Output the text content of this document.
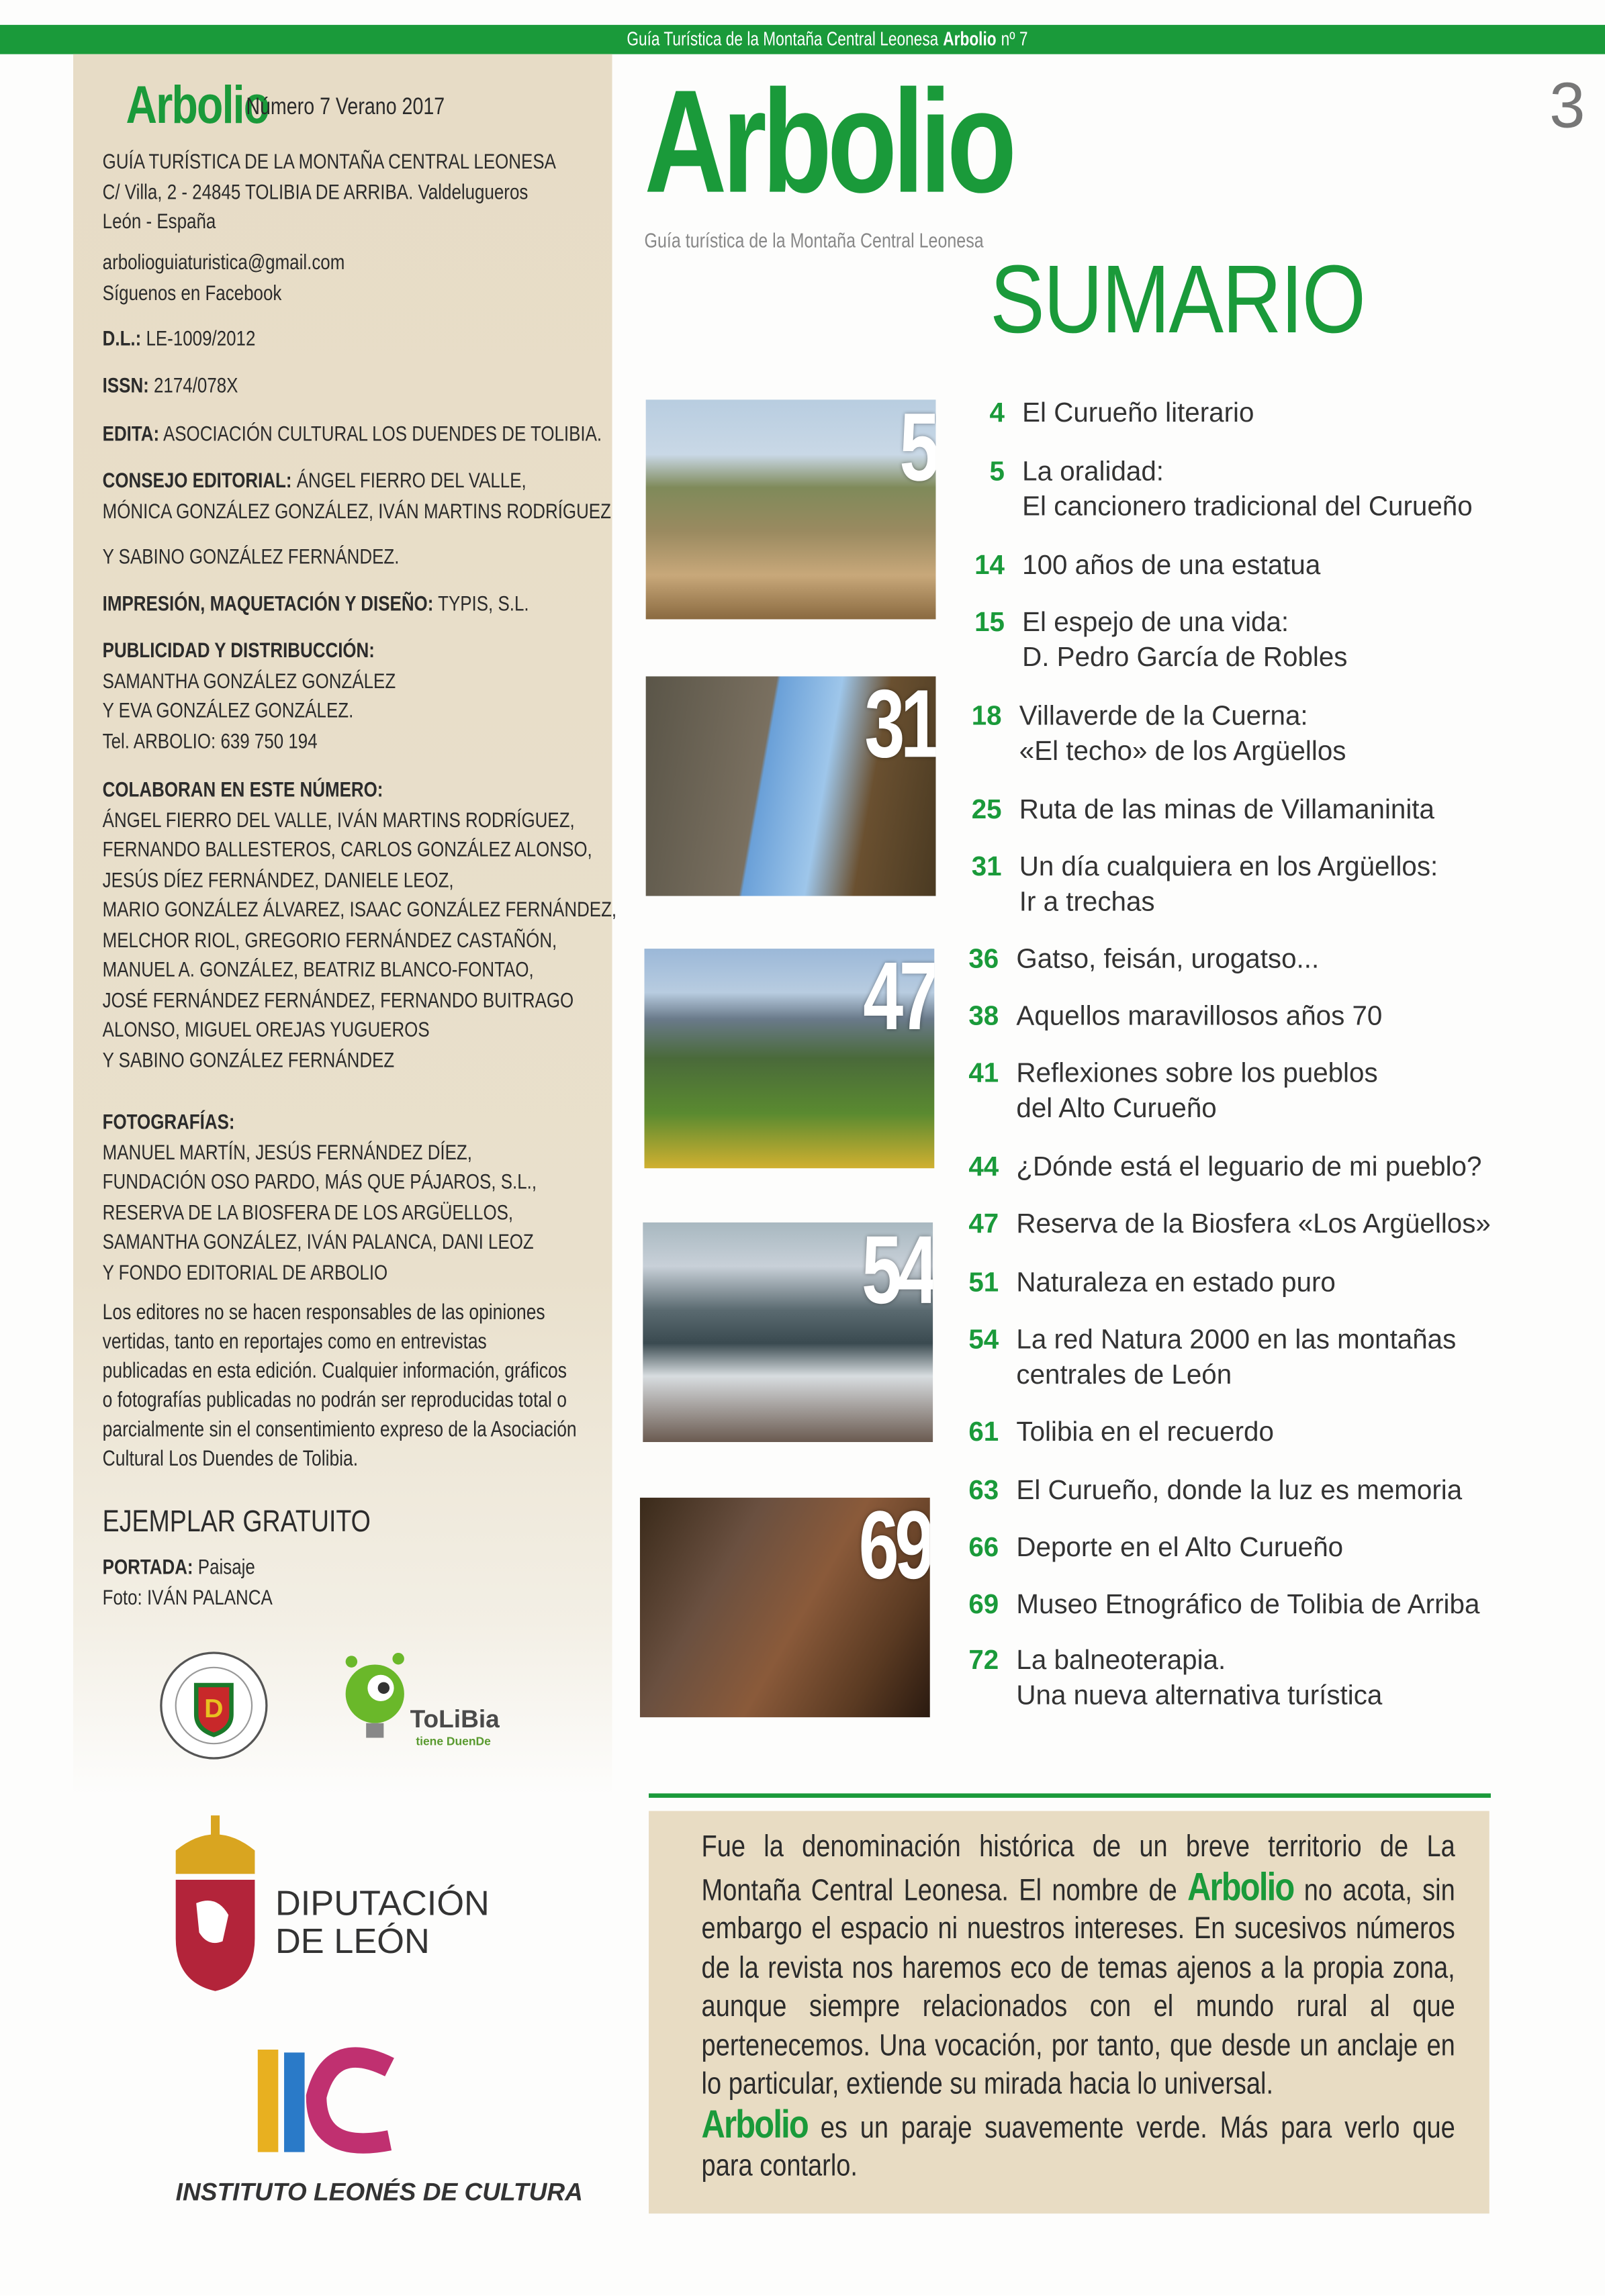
Guía Turística de la Montaña Central Leonesa Arbolio nº 7
Arbolio
Número 7 Verano 2017
GUÍA TURÍSTICA DE LA MONTAÑA CENTRAL LEONESA
C/ Villa, 2 - 24845 TOLIBIA DE ARRIBA. Valdelugueros
León - España
arbolioguiaturistica@gmail.com
Síguenos en Facebook
D.L.: LE-1009/2012
ISSN: 2174/078X
EDITA: ASOCIACIÓN CULTURAL LOS DUENDES DE TOLIBIA.
CONSEJO EDITORIAL: ÁNGEL FIERRO DEL VALLE,
MÓNICA GONZÁLEZ GONZÁLEZ, IVÁN MARTINS RODRÍGUEZ
Y SABINO GONZÁLEZ FERNÁNDEZ.
IMPRESIÓN, MAQUETACIÓN Y DISEÑO: TYPIS, S.L.
PUBLICIDAD Y DISTRIBUCCIÓN:
SAMANTHA GONZÁLEZ GONZÁLEZ
Y EVA GONZÁLEZ GONZÁLEZ.
Tel. ARBOLIO: 639 750 194
COLABORAN EN ESTE NÚMERO:
ÁNGEL FIERRO DEL VALLE, IVÁN MARTINS RODRÍGUEZ,
FERNANDO BALLESTEROS, CARLOS GONZÁLEZ ALONSO,
JESÚS DÍEZ FERNÁNDEZ, DANIELE LEOZ,
MARIO GONZÁLEZ ÁLVAREZ, ISAAC GONZÁLEZ FERNÁNDEZ,
MELCHOR RIOL, GREGORIO FERNÁNDEZ CASTAÑÓN,
MANUEL A. GONZÁLEZ, BEATRIZ BLANCO-FONTAO,
JOSÉ FERNÁNDEZ FERNÁNDEZ, FERNANDO BUITRAGO
ALONSO, MIGUEL OREJAS YUGUEROS
Y SABINO GONZÁLEZ FERNÁNDEZ
FOTOGRAFÍAS:
MANUEL MARTÍN, JESÚS FERNÁNDEZ DÍEZ,
FUNDACIÓN OSO PARDO, MÁS QUE PÁJAROS, S.L.,
RESERVA DE LA BIOSFERA DE LOS ARGÜELLOS,
SAMANTHA GONZÁLEZ, IVÁN PALANCA, DANI LEOZ
Y FONDO EDITORIAL DE ARBOLIO
Los editores no se hacen responsables de las opiniones
vertidas, tanto en reportajes como en entrevistas
publicadas en esta edición. Cualquier información, gráficos
o fotografías publicadas no podrán ser reproducidas total o
parcialmente sin el consentimiento expreso de la Asociación
Cultural Los Duendes de Tolibia.
EJEMPLAR GRATUITO
PORTADA: Paisaje
Foto: IVÁN PALANCA
D	ToLiBia
tiene DuenDe
DIPUTACIÓN
DE LEÓN
INSTITUTO LEONÉS DE CULTURA
Arbolio
Guía turística de la Montaña Central Leonesa
3
SUMARIO
5
31
47
54
69
4 El Curueño literario
5 La oralidad:
El cancionero tradicional del Curueño
14 100 años de una estatua
15 El espejo de una vida:
D. Pedro García de Robles
18 Villaverde de la Cuerna:
«El techo» de los Argüellos
25 Ruta de las minas de Villamaninita
31 Un día cualquiera en los Argüellos:
Ir a trechas
36 Gatso, feisán, urogatso...
38 Aquellos maravillosos años 70
41 Reflexiones sobre los pueblos
del Alto Curueño
44 ¿Dónde está el leguario de mi pueblo?
47 Reserva de la Biosfera «Los Argüellos»
51 Naturaleza en estado puro
54 La red Natura 2000 en las montañas
centrales de León
61 Tolibia en el recuerdo
63 El Curueño, donde la luz es memoria
66 Deporte en el Alto Curueño
69 Museo Etnográfico de Tolibia de Arriba
72 La balneoterapia.
Una nueva alternativa turística

Fue la denominación histórica de un breve territorio de La Montaña Central Leonesa. El nombre de Arbolio no acota, sin embargo el espacio ni nuestros intereses. En sucesivos números de la revista nos haremos eco de temas ajenos a la propia zona, aunque siempre relacionados con el mundo rural al que pertenecemos. Una vocación, por tanto, que desde un anclaje en lo particular, extiende su mirada hacia lo universal.
Arbolio es un paraje suavemente verde. Más para verlo que para contarlo.
